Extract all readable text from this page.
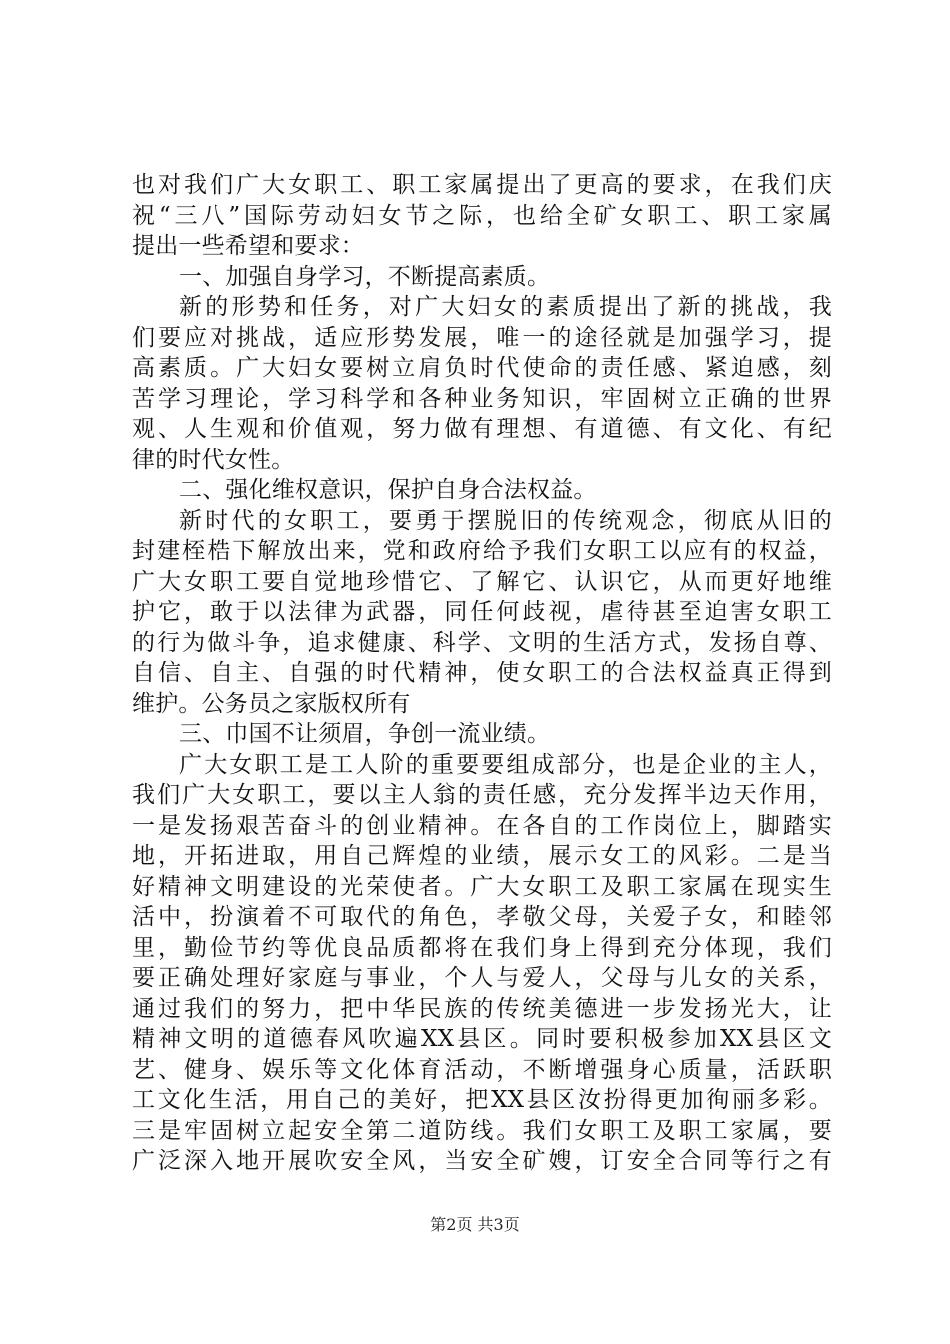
也对我们广大女职工、职工家属提出了更高的要求，在我们庆
祝“三八”国际劳动妇女节之际，也给全矿女职工、职工家属
提出一些希望和要求：
一、加强自身学习，不断提高素质。
新的形势和任务，对广大妇女的素质提出了新的挑战，我
们要应对挑战，适应形势发展，唯一的途径就是加强学习，提
高素质。广大妇女要树立肩负时代使命的责任感、紧迫感，刻
苦学习理论，学习科学和各种业务知识，牢固树立正确的世界
观、人生观和价值观，努力做有理想、有道德、有文化、有纪
律的时代女性。
二、强化维权意识，保护自身合法权益。
新时代的女职工，要勇于摆脱旧的传统观念，彻底从旧的
封建桎梏下解放出来，党和政府给予我们女职工以应有的权益，
广大女职工要自觉地珍惜它、了解它、认识它，从而更好地维
护它，敢于以法律为武器，同任何歧视，虐待甚至迫害女职工
的行为做斗争，追求健康、科学、文明的生活方式，发扬自尊、
自信、自主、自强的时代精神，使女职工的合法权益真正得到
维护。公务员之家版权所有
三、巾国不让须眉，争创一流业绩。
广大女职工是工人阶的重要要组成部分，也是企业的主人，
我们广大女职工，要以主人翁的责任感，充分发挥半边天作用，
一是发扬艰苦奋斗的创业精神。在各自的工作岗位上，脚踏实
地，开拓进取，用自己辉煌的业绩，展示女工的风彩。二是当
好精神文明建设的光荣使者。广大女职工及职工家属在现实生
活中，扮演着不可取代的角色，孝敬父母，关爱子女，和睦邻
里，勤俭节约等优良品质都将在我们身上得到充分体现，我们
要正确处理好家庭与事业，个人与爱人，父母与儿女的关系，
通过我们的努力，把中华民族的传统美德进一步发扬光大，让
精神文明的道德春风吹遍XX县区。同时要积极参加XX县区文
艺、健身、娱乐等文化体育活动，不断增强身心质量，活跃职
工文化生活，用自己的美好，把XX县区汝扮得更加徇丽多彩。
三是牢固树立起安全第二道防线。我们女职工及职工家属，要
广泛深入地开展吹安全风，当安全矿嫂，订安全合同等行之有
第2页 共3页
